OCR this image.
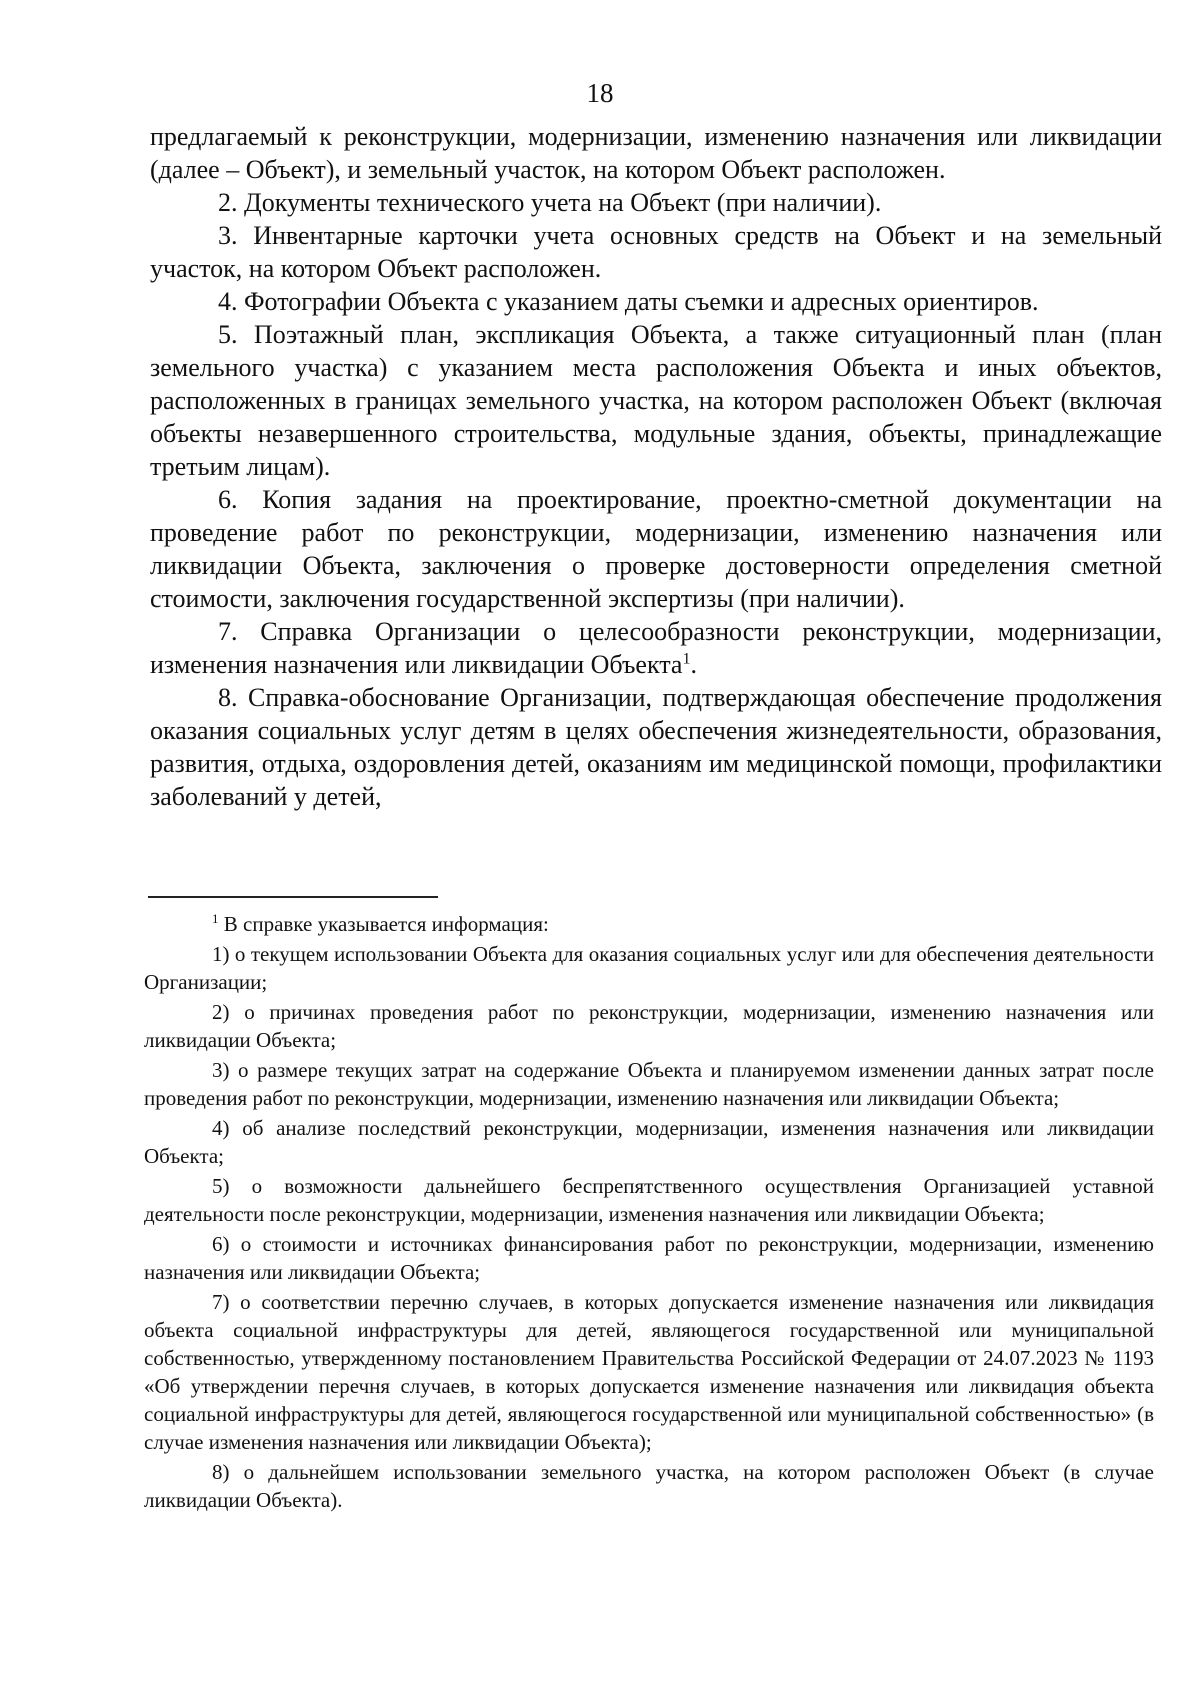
18

предлагаемый к реконструкции, модернизации, изменению назначения или ликвидации (далее – Объект), и земельный участок, на котором Объект расположен.

2. Документы технического учета на Объект (при наличии).

3. Инвентарные карточки учета основных средств на Объект и на земельный участок, на котором Объект расположен.

4. Фотографии Объекта с указанием даты съемки и адресных ориентиров.

5. Поэтажный план, экспликация Объекта, а также ситуационный план (план земельного участка) с указанием места расположения Объекта и иных объектов, расположенных в границах земельного участка, на котором расположен Объект (включая объекты незавершенного строительства, модульные здания, объекты, принадлежащие третьим лицам).

6. Копия задания на проектирование, проектно-сметной документации на проведение работ по реконструкции, модернизации, изменению назначения или ликвидации Объекта, заключения о проверке достоверности определения сметной стоимости, заключения государственной экспертизы (при наличии).

7. Справка Организации о целесообразности реконструкции, модернизации, изменения назначения или ликвидации Объекта$^1$.

8. Справка-обоснование Организации, подтверждающая обеспечение продолжения оказания социальных услуг детям в целях обеспечения жизнедеятельности, образования, развития, отдыха, оздоровления детей, оказаниям им медицинской помощи, профилактики заболеваний у детей,

$^1$ В справке указывается информация:

1) о текущем использовании Объекта для оказания социальных услуг или для обеспечения деятельности Организации;

2) о причинах проведения работ по реконструкции, модернизации, изменению назначения или ликвидации Объекта;

3) о размере текущих затрат на содержание Объекта и планируемом изменении данных затрат после проведения работ по реконструкции, модернизации, изменению назначения или ликвидации Объекта;

4) об анализе последствий реконструкции, модернизации, изменения назначения или ликвидации Объекта;

5) о возможности дальнейшего беспрепятственного осуществления Организацией уставной деятельности после реконструкции, модернизации, изменения назначения или ликвидации Объекта;

6) о стоимости и источниках финансирования работ по реконструкции, модернизации, изменению назначения или ликвидации Объекта;

7) о соответствии перечню случаев, в которых допускается изменение назначения или ликвидация объекта социальной инфраструктуры для детей, являющегося государственной или муниципальной собственностью, утвержденному постановлением Правительства Российской Федерации от 24.07.2023 № 1193 «Об утверждении перечня случаев, в которых допускается изменение назначения или ликвидация объекта социальной инфраструктуры для детей, являющегося государственной или муниципальной собственностью» (в случае изменения назначения или ликвидации Объекта);

8) о дальнейшем использовании земельного участка, на котором расположен Объект (в случае ликвидации Объекта).
